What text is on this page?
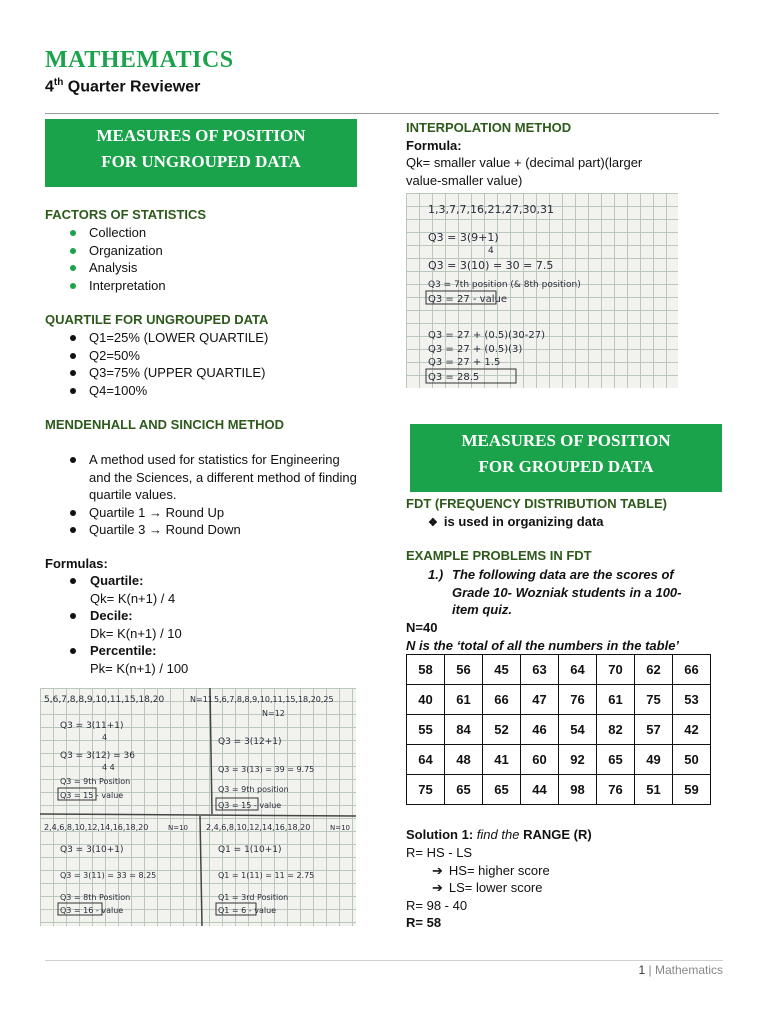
MATHEMATICS
4th Quarter Reviewer
MEASURES OF POSITION
FOR UNGROUPED DATA
FACTORS OF STATISTICS
Collection
Organization
Analysis
Interpretation
QUARTILE FOR UNGROUPED DATA
Q1=25% (LOWER QUARTILE)
Q2=50%
Q3=75% (UPPER QUARTILE)
Q4=100%
MENDENHALL AND SINCICH METHOD
A method used for statistics for Engineering and the Sciences, a different method of finding quartile values.
Quartile 1 → Round Up
Quartile 3 → Round Down
Formulas:
Quartile:
Qk= K(n+1) / 4
Decile:
Dk= K(n+1) / 10
Percentile:
Pk= K(n+1) / 100
5,6,7,8,8,9,10,11,15,18,20	N=11
Q3 = 3(11+1)
4
Q3 = 3(12) = 36
4 4
Q3 = 9th Position
Q3 = 15 - value
5,6,7,8,8,9,10,11,15,18,20,25
N=12
Q3 = 3(12+1)
Q3 = 3(13) = 39 = 9.75
Q3 = 9th position
Q3 = 15 - value
2,4,6,8,10,12,14,16,18,20	N=10
Q3 = 3(10+1)
Q3 = 3(11) = 33 = 8.25
Q3 = 8th Position
Q3 = 16 - value
2,4,6,8,10,12,14,16,18,20	N=10
Q1 = 1(10+1)
Q1 = 1(11) = 11 = 2.75
Q1 = 3rd Position
Q1 = 6 - value
INTERPOLATION METHOD
Formula:
Qk= smaller value + (decimal part)(larger value-smaller value)
1,3,7,7,16,21,27,30,31
Q3 = 3(9+1)
4
Q3 = 3(10) = 30 = 7.5
Q3 = 7th position (& 8th position)
Q3 = 27 - value
Q3 = 27 + (0.5)(30-27)
Q3 = 27 + (0.5)(3)
Q3 = 27 + 1.5
Q3 = 28.5
MEASURES OF POSITION
FOR GROUPED DATA
FDT (FREQUENCY DISTRIBUTION TABLE)
❖ is used in organizing data
EXAMPLE PROBLEMS IN FDT
1.) The following data are the scores of Grade 10- Wozniak students in a 100-item quiz.
N=40
N is the ‘total of all the numbers in the table’
58	56	45	63	64	70	62	66
40	61	66	47	76	61	75	53
55	84	52	46	54	82	57	42
64	48	41	60	92	65	49	50
75	65	65	44	98	76	51	59
Solution 1: find the RANGE (R)
R= HS - LS
➔ HS= higher score
➔ LS= lower score
R= 98 - 40
R= 58
1 | Mathematics
